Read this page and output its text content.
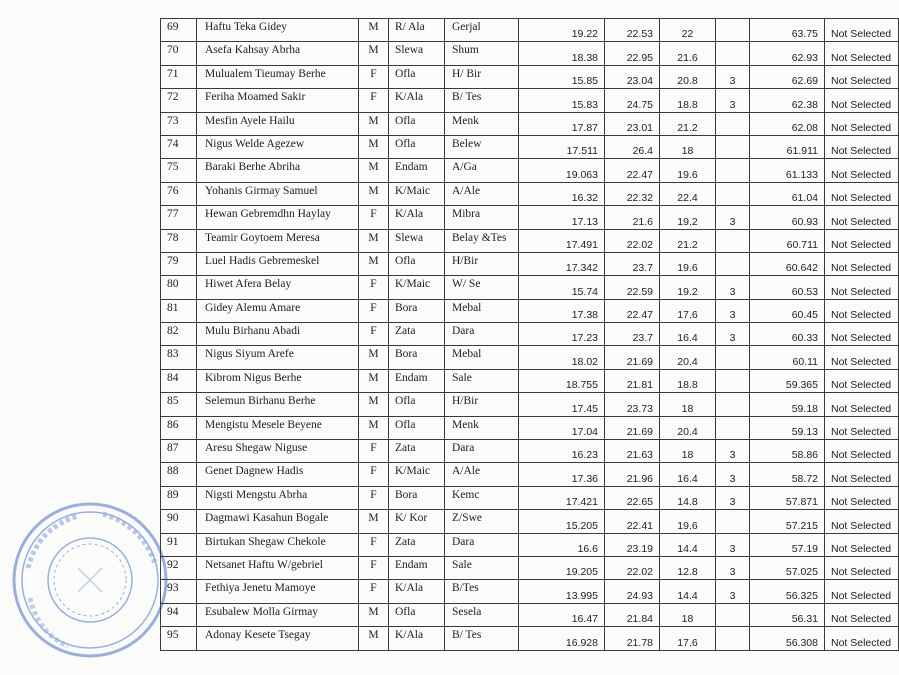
69	Haftu Teka Gidey	M	R/ Ala	Gerjal	19.22	22.53	22		63.75	Not Selected
70	Asefa Kahsay Abrha	M	Slewa	Shum	18.38	22.95	21.6		62.93	Not Selected
71	Mulualem Tieumay Berhe	F	Ofla	H/ Bir	15.85	23.04	20.8	3	62.69	Not Selected
72	Feriha Moamed Sakir	F	K/Ala	B/ Tes	15.83	24.75	18.8	3	62.38	Not Selected
73	Mesfin Ayele Hailu	M	Ofla	Menk	17.87	23.01	21.2		62.08	Not Selected
74	Nigus Welde Agezew	M	Ofla	Belew	17.511	26.4	18		61.911	Not Selected
75	Baraki Berhe Abriha	M	Endam	A/Ga	19.063	22.47	19.6		61.133	Not Selected
76	Yohanis Girmay Samuel	M	K/Maic	A/Ale	16.32	22.32	22.4		61.04	Not Selected
77	Hewan Gebremdhn Haylay	F	K/Ala	Mibra	17.13	21.6	19.2	3	60.93	Not Selected
78	Teamir Goytoem Meresa	M	Slewa	Belay &Tes	17.491	22.02	21.2		60.711	Not Selected
79	Luel Hadis Gebremeskel	M	Ofla	H/Bir	17.342	23.7	19.6		60.642	Not Selected
80	Hiwet Afera Belay	F	K/Maic	W/ Se	15.74	22.59	19.2	3	60.53	Not Selected
81	Gidey Alemu Amare	F	Bora	Mebal	17.38	22.47	17.6	3	60.45	Not Selected
82	Mulu Birhanu Abadi	F	Zata	Dara	17.23	23.7	16.4	3	60.33	Not Selected
83	Nigus Siyum Arefe	M	Bora	Mebal	18.02	21.69	20.4		60.11	Not Selected
84	Kibrom Nigus Berhe	M	Endam	Sale	18.755	21.81	18.8		59.365	Not Selected
85	Selemun Birhanu Berhe	M	Ofla	H/Bir	17.45	23.73	18		59.18	Not Selected
86	Mengistu Mesele Beyene	M	Ofla	Menk	17.04	21.69	20.4		59.13	Not Selected
87	Aresu Shegaw Niguse	F	Zata	Dara	16.23	21.63	18	3	58.86	Not Selected
88	Genet Dagnew Hadis	F	K/Maic	A/Ale	17.36	21.96	16.4	3	58.72	Not Selected
89	Nigsti Mengstu Abrha	F	Bora	Kemc	17.421	22.65	14.8	3	57.871	Not Selected
90	Dagmawi Kasahun Bogale	M	K/ Kor	Z/Swe	15.205	22.41	19.6		57.215	Not Selected
91	Birtukan Shegaw Chekole	F	Zata	Dara	16.6	23.19	14.4	3	57.19	Not Selected
92	Netsanet Haftu W/gebriel	F	Endam	Sale	19.205	22.02	12.8	3	57.025	Not Selected
93	Fethiya Jenetu Mamoye	F	K/Ala	B/Tes	13.995	24.93	14.4	3	56.325	Not Selected
94	Esubalew Molla Girmay	M	Ofla	Sesela	16.47	21.84	18		56.31	Not Selected
95	Adonay Kesete Tsegay	M	K/Ala	B/ Tes	16.928	21.78	17.6		56.308	Not Selected
